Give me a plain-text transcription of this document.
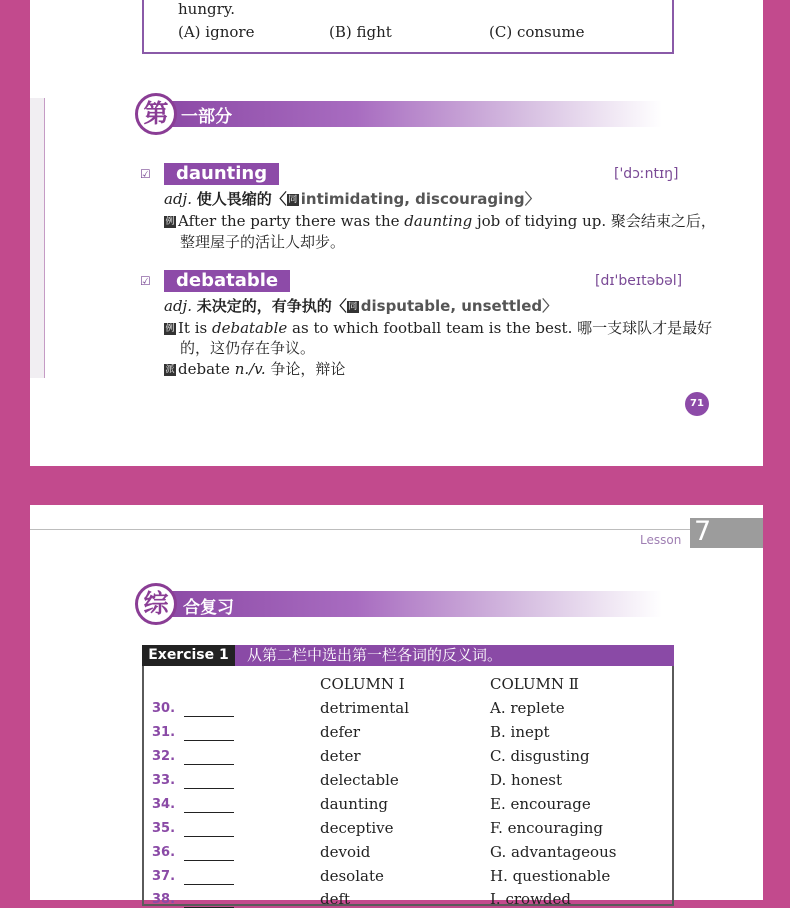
hungry.
(A) ignore	(B) fight	(C) consume
第 一部分
☑	daunting	['dɔːntɪŋ]
adj. 使人畏缩的〈同 intimidating, discouraging〉
例 After the party there was the daunting job of tidying up. 聚会结束之后，
整理屋子的活让人却步。
☑	debatable	[dɪ'beɪtəbəl]
adj. 未决定的，有争执的〈同 disputable, unsettled〉
例 It is debatable as to which football team is the best. 哪一支球队才是最好
的，这仍存在争议。
派 debate n./v. 争论，辩论
71
Lesson 7
综 合复习
Exercise 1	从第二栏中选出第一栏各词的反义词。
COLUMN Ⅰ	COLUMN Ⅱ
30.	detrimental	A. replete
31.	defer	B. inept
32.	deter	C. disgusting
33.	delectable	D. honest
34.	daunting	E. encourage
35.	deceptive	F. encouraging
36.	devoid	G. advantageous
37.	desolate	H. questionable
38.	deft	I. crowded
